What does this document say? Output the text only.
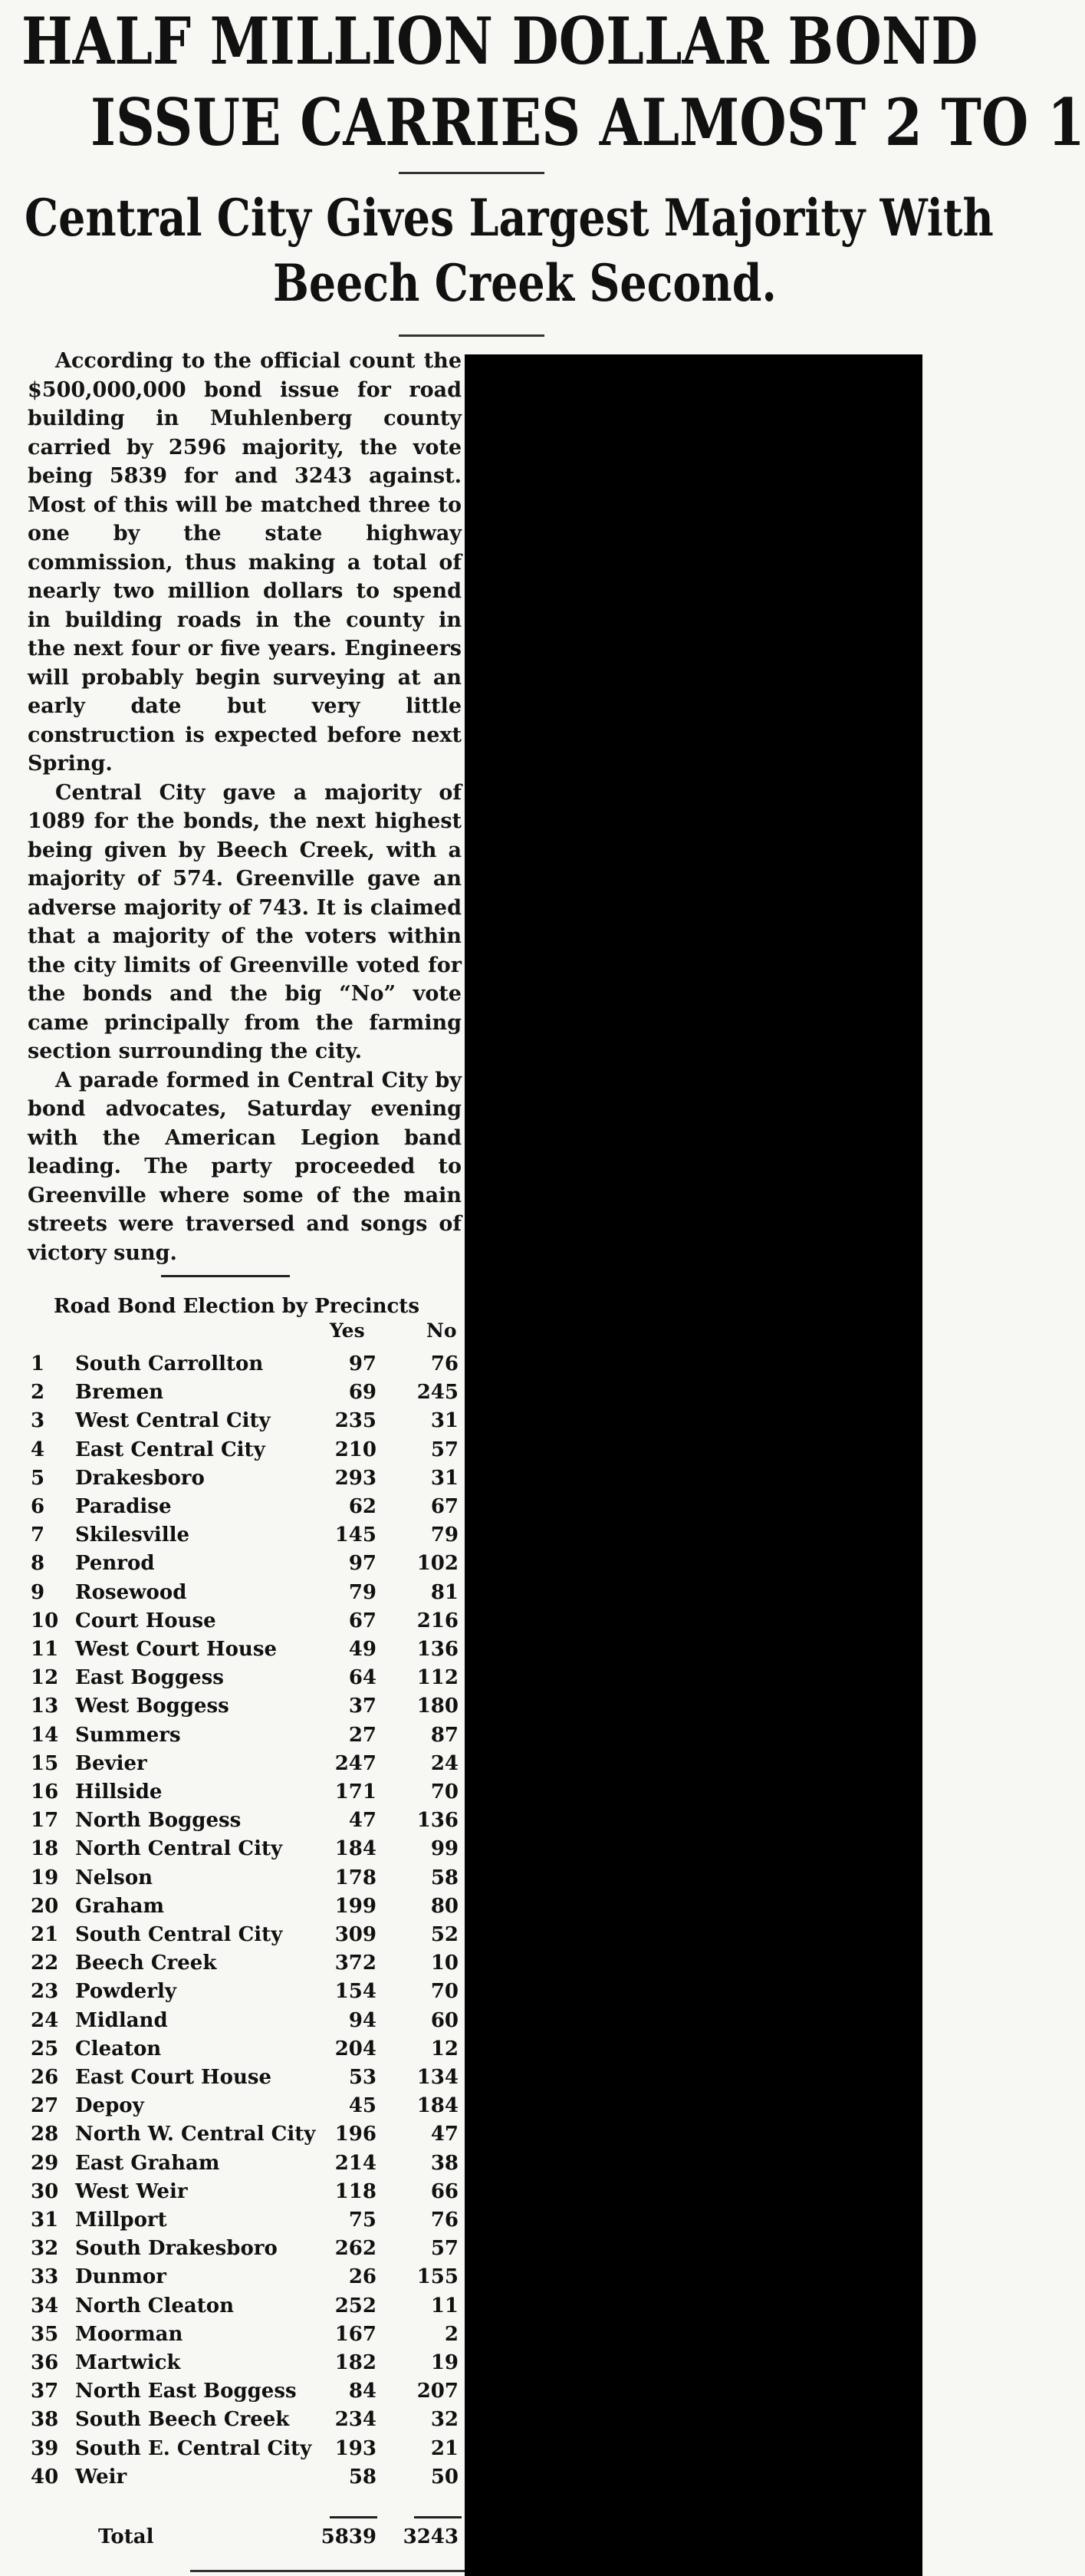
HALF MILLION DOLLAR BOND
ISSUE CARRIES ALMOST 2 TO 1
Central City Gives Largest Majority With
Beech Creek Second.

According to the official count the $500,000,000 bond issue for road building in Muhlenberg county carried by 2596 majority, the vote being 5839 for and 3243 against. Most of this will be matched three to one by the state highway commission, thus making a total of nearly two million dollars to spend in building roads in the county in the next four or five years. Engineers will probably begin surveying at an early date but very little construction is expected before next Spring.

Central City gave a majority of 1089 for the bonds, the next highest being given by Beech Creek, with a majority of 574. Greenville gave an adverse majority of 743. It is claimed that a majority of the voters within the city limits of Greenville voted for the bonds and the big “No” vote came principally from the farming section surrounding the city.

A parade formed in Central City by bond advocates, Saturday evening with the American Legion band leading. The party proceeded to Greenville where some of the main streets were traversed and songs of victory sung.

Road Bond Election by Precincts
Yes	No
1	South Carrollton	97	76
2	Bremen	69 245
3	West Central City	235	31
4	East Central City	210	57
5	Drakesboro	293	31
6	Paradise	62	67
7	Skilesville	145	79
8	Penrod	97 102
9	Rosewood	79	81
10 Court House	67 216
11 West Court House	49 136
12 East Boggess	64 112
13 West Boggess	37 180
14 Summers	27	87
15 Bevier	247	24
16 Hillside	171	70
17 North Boggess	47 136
18 North Central City	184	99
19 Nelson	178	58
20 Graham	199	80
21 South Central City	309	52
22 Beech Creek	372	10
23 Powderly	154	70
24 Midland	94	60
25 Cleaton	204	12
26 East Court House	53 134
27 Depoy	45 184
28 North W. Central City 196	47
29 East Graham	214	38
30 West Weir	118	66
31 Millport	75	76
32 South Drakesboro	262	57
33 Dunmor	26 155
34 North Cleaton	252	11
35 Moorman	167	2
36 Martwick	182	19
37 North East Boggess	84 207
38 South Beech Creek 234	32
39 South E. Central City 193	21
40 Weir	58	50
Total	5839 3243
